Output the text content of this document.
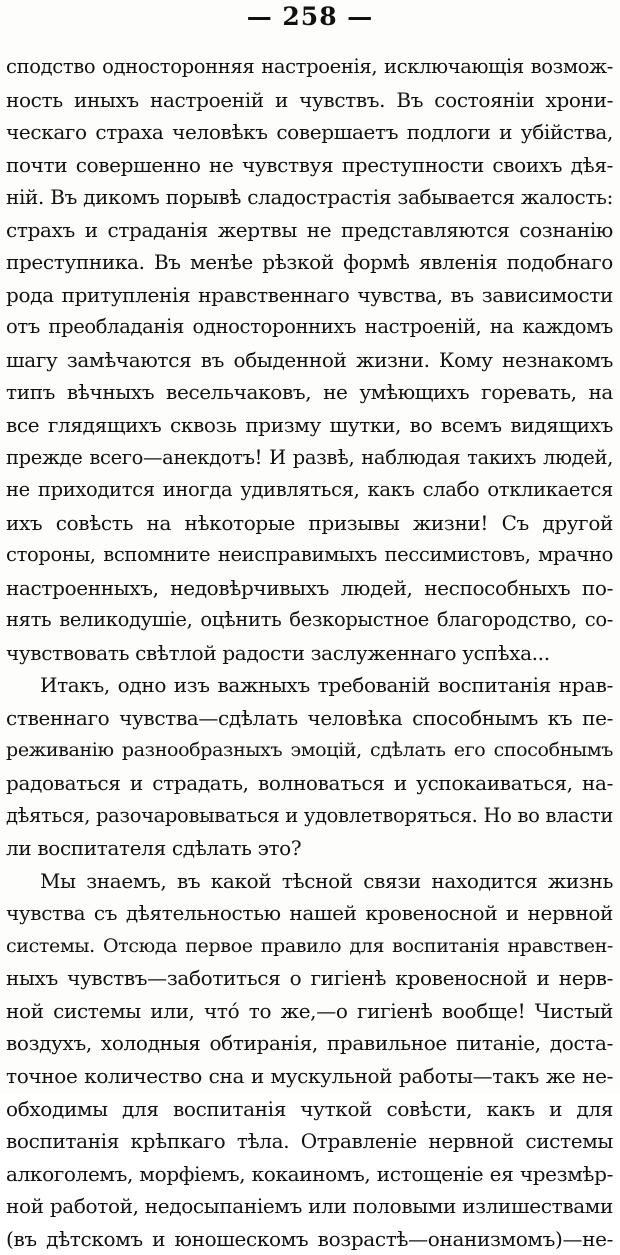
— 258 —
сподство односторонняя настроенія, исключающія возмож-
ность иныхъ настроеній и чувствъ. Въ состояніи хрони-
ческаго страха человѣкъ совершаетъ подлоги и убійства,
почти совершенно не чувствуя преступности своихъ дѣя-
ній. Въ дикомъ порывѣ сладострастія забывается жалость:
страхъ и страданія жертвы не представляются сознанію
преступника. Въ менѣе рѣзкой формѣ явленія подобнаго
рода притупленія нравственнаго чувства, въ зависимости
отъ преобладанія одностороннихъ настроеній, на каждомъ
шагу замѣчаются въ обыденной жизни. Кому незнакомъ
типъ вѣчныхъ весельчаковъ, не умѣющихъ горевать, на
все глядящихъ сквозь призму шутки, во всемъ видящихъ
прежде всего—анекдотъ! И развѣ, наблюдая такихъ людей,
не приходится иногда удивляться, какъ слабо откликается
ихъ совѣсть на нѣкоторые призывы жизни! Съ другой
стороны, вспомните неисправимыхъ пессимистовъ, мрачно
настроенныхъ, недовѣрчивыхъ людей, неспособныхъ по-
нять великодушіе, оцѣнить безкорыстное благородство, со-
чувствовать свѣтлой радости заслуженнаго успѣха...
Итакъ, одно изъ важныхъ требованій воспитанія нрав-
ственнаго чувства—сдѣлать человѣка способнымъ къ пе-
реживанію разнообразныхъ эмоцій, сдѣлать его способнымъ
радоваться и страдать, волноваться и успокаиваться, на-
дѣяться, разочаровываться и удовлетворяться. Но во власти
ли воспитателя сдѣлать это?
Мы знаемъ, въ какой тѣсной связи находится жизнь
чувства съ дѣятельностью нашей кровеносной и нервной
системы. Отсюда первое правило для воспитанія нравствен-
ныхъ чувствъ—заботиться о гигіенѣ кровеносной и нерв-
ной системы или, что́ то же,—о гигіенѣ вообще! Чистый
воздухъ, холодныя обтиранія, правильное питаніе, доста-
точное количество сна и мускульной работы—такъ же не-
обходимы для воспитанія чуткой совѣсти, какъ и для
воспитанія крѣпкаго тѣла. Отравленіе нервной системы
алкоголемъ, морфіемъ, кокаиномъ, истощеніе ея чрезмѣр-
ной работой, недосыпаніемъ или половыми излишествами
(въ дѣтскомъ и юношескомъ возрастѣ—онанизмомъ)—не-
